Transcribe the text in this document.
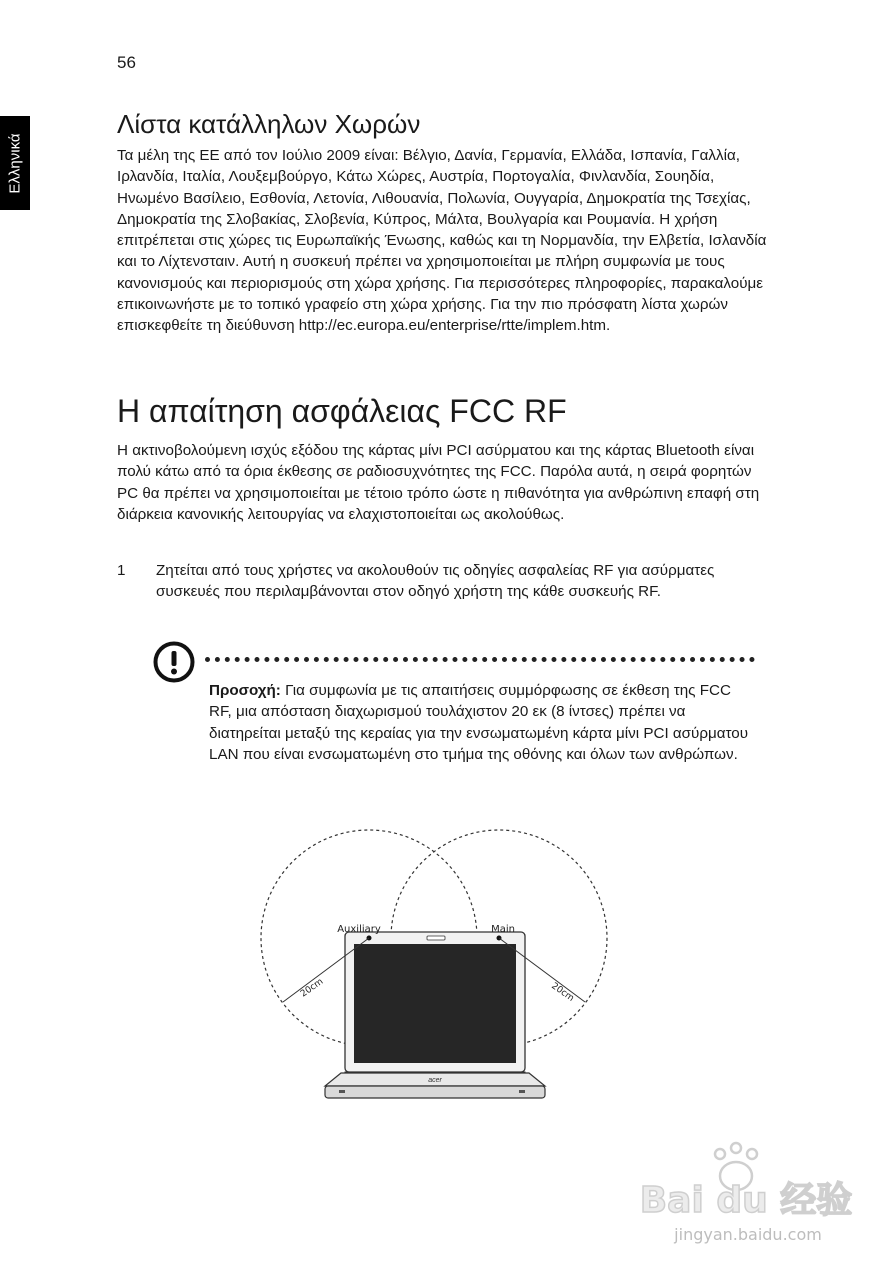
56
Ελληνικά
Λίστα κατάλληλων Χωρών

Τα μέλη της ΕΕ από τον Ιούλιο 2009 είναι: Βέλγιο, Δανία, Γερμανία, Ελλάδα, Ισπανία, Γαλλία, Ιρλανδία, Ιταλία, Λουξεμβούργο, Κάτω Χώρες, Αυστρία, Πορτογαλία, Φινλανδία, Σουηδία, Ηνωμένο Βασίλειο, Εσθονία, Λετονία, Λιθουανία, Πολωνία, Ουγγαρία, Δημοκρατία της Τσεχίας, Δημοκρατία της Σλοβακίας, Σλοβενία, Κύπρος, Μάλτα, Βουλγαρία και Ρουμανία. Η χρήση επιτρέπεται στις χώρες τις Ευρωπαϊκής Ένωσης, καθώς και τη Νορμανδία, την Ελβετία, Ισλανδία και το Λίχτενσταιν. Αυτή η συσκευή πρέπει να χρησιμοποιείται με πλήρη συμφωνία με τους κανονισμούς και περιορισμούς στη χώρα χρήσης. Για περισσότερες πληροφορίες, παρακαλούμε επικοινωνήστε με το τοπικό γραφείο στη χώρα χρήσης. Για την πιο πρόσφατη λίστα χωρών επισκεφθείτε τη διεύθυνση http://ec.europa.eu/enterprise/rtte/implem.htm.

Η απαίτηση ασφάλειας FCC RF

Η ακτινοβολούμενη ισχύς εξόδου της κάρτας μίνι PCI ασύρματου και της κάρτας Bluetooth είναι πολύ κάτω από τα όρια έκθεσης σε ραδιοσυχνότητες της FCC. Παρόλα αυτά, η σειρά φορητών PC θα πρέπει να χρησιμοποιείται με τέτοιο τρόπο ώστε η πιθανότητα για ανθρώπινη επαφή στη διάρκεια κανονικής λειτουργίας να ελαχιστοποιείται ως ακολούθως.

1 Ζητείται από τους χρήστες να ακολουθούν τις οδηγίες ασφαλείας RF για ασύρματες συσκευές που περιλαμβάνονται στον οδηγό χρήστη της κάθε συσκευής RF.

Προσοχή: Για συμφωνία με τις απαιτήσεις συμμόρφωσης σε έκθεση της FCC RF, μια απόσταση διαχωρισμού τουλάχιστον 20 εκ (8 ίντσες) πρέπει να διατηρείται μεταξύ της κεραίας για την ενσωματωμένη κάρτα μίνι PCI ασύρματου LAN που είναι ενσωματωμένη στο τμήμα της οθόνης και όλων των ανθρώπων.

acer
Auxiliary	Main
20cm	20cm
Bai du 经验
jingyan.baidu.com
